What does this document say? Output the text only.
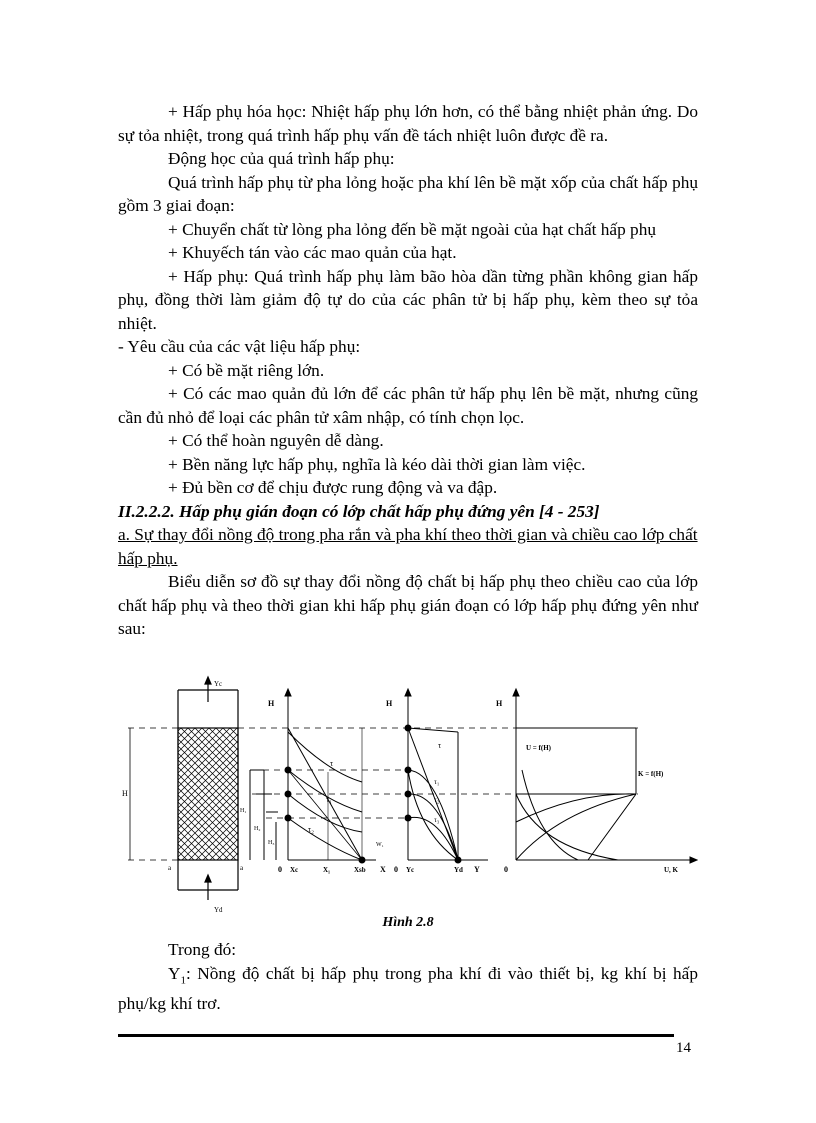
+ Hấp phụ hóa học: Nhiệt hấp phụ lớn hơn, có thể bằng nhiệt phản ứng. Do sự tỏa nhiệt, trong quá trình hấp phụ vấn đề tách nhiệt luôn được đề ra.

Động học của quá trình hấp phụ:

Quá trình hấp phụ từ pha lỏng hoặc pha khí lên bề mặt xốp của chất hấp phụ gồm 3 giai đoạn:

+ Chuyển chất từ lòng pha lỏng đến bề mặt ngoài của hạt chất hấp phụ

+ Khuyếch tán vào các mao quản của hạt.

+ Hấp phụ: Quá trình hấp phụ làm bão hòa dần từng phần không gian hấp phụ, đồng thời làm giảm độ tự do của các phân tử bị hấp phụ, kèm theo sự tỏa nhiệt.

- Yêu cầu của các vật liệu hấp phụ:

+ Có bề mặt riêng lớn.

+ Có các mao quản đủ lớn để các phân tử hấp phụ lên bề mặt, nhưng cũng cần đủ nhỏ để loại các phân tử xâm nhập, có tính chọn lọc.

+ Có thể hoàn nguyên dễ dàng.

+ Bền năng lực hấp phụ, nghĩa là kéo dài thời gian làm việc.

+ Đủ bền cơ để chịu được rung động và va đập.

II.2.2.2. Hấp phụ gián đoạn có lớp chất hấp phụ đứng yên [4 - 253]

a. Sự thay đổi nồng độ trong pha rắn và pha khí theo thời gian và chiều cao lớp chất hấp phụ.

Biểu diễn sơ đồ sự thay đổi nồng độ chất bị hấp phụ theo chiều cao của lớp chất hấp phụ và theo thời gian khi hấp phụ gián đoạn có lớp hấp phụ đứng yên như sau:

Yc
Yd
H
a	a
H
H₁
H₂
H₃	W₁
τ
τ₁
τ₂
0 Xc	X₁	Xsb X
H
τ
τ₁
τ₂
τ₃
0 Yc	Yd Y
H
U = f(H)
K = f(H)
0	U, K
Hình 2.8

Trong đó:

$Y_1$: Nồng độ chất bị hấp phụ trong pha khí đi vào thiết bị, kg khí bị hấp phụ/kg khí trơ.

14
